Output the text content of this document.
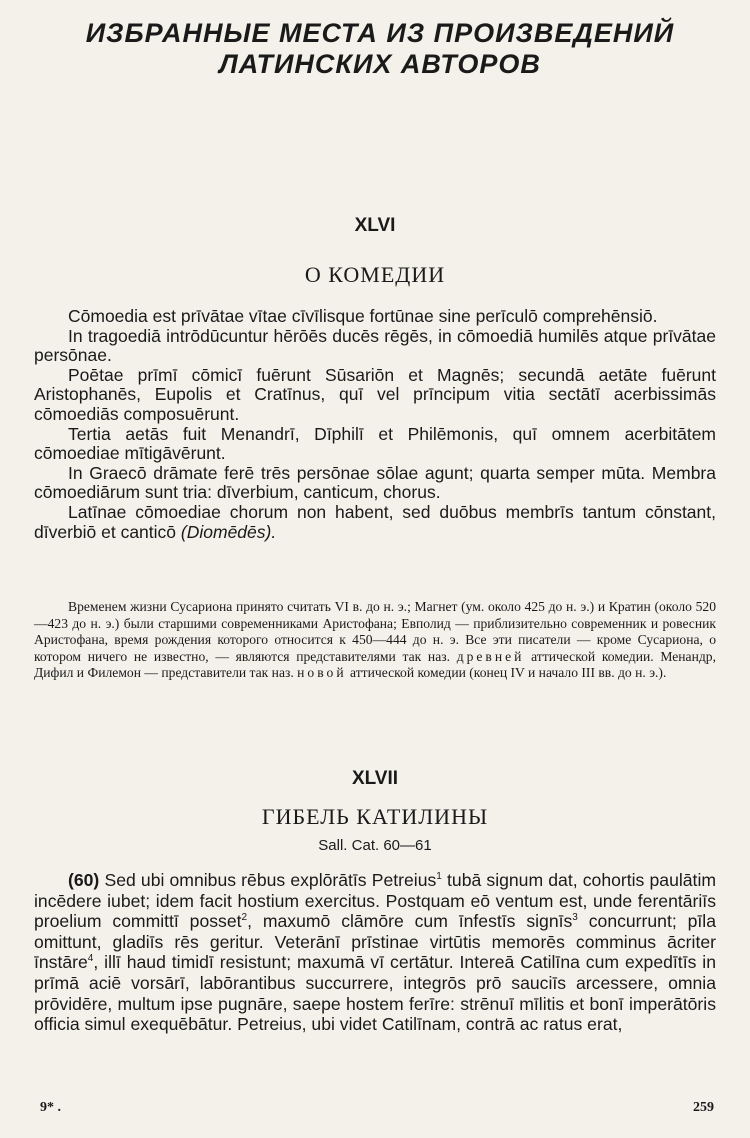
ИЗБРАННЫЕ МЕСТА ИЗ ПРОИЗВЕДЕНИЙ
ЛАТИНСКИХ АВТОРОВ
XLVI
О КОМЕДИИ

Cōmoedia est prīvātae vītae cīvīlisque fortūnae sine perīculō comprehēnsiō.

In tragoediā intrōdūcuntur hērōēs ducēs rēgēs, in cōmoediā humilēs atque prīvātae persōnae.

Poētae prīmī cōmicī fuērunt Sūsariōn et Magnēs; secundā aetāte fuērunt Aristophanēs, Eupolis et Cratīnus, quī vel prīncipum vitia sectātī acerbissimās cōmoediās composuērunt.

Tertia aetās fuit Menandrī, Dīphilī et Philēmonis, quī omnem acerbitātem cōmoediae mītigāvērunt.

In Graecō drāmate ferē trēs persōnae sōlae agunt; quarta semper mūta. Membra cōmoediārum sunt tria: dīverbium, canticum, chorus.

Latīnae cōmoediae chorum non habent, sed duōbus membrīs tantum cōnstant, dīverbiō et canticō (Diomēdēs).

Временем жизни Сусариона принято считать VI в. до н. э.; Магнет (ум. около 425 до н. э.) и Кратин (около 520—423 до н. э.) были старшими современниками Аристофана; Евполид — приблизительно современник и ровесник Аристофана, время рождения которого относится к 450—444 до н. э. Все эти писатели — кроме Сусариона, о котором ничего не известно, — являются представителями так наз. древней аттической комедии. Менандр, Дифил и Филемон — представители так наз. новой аттической комедии (конец IV и начало III вв. до н. э.).
XLVII
ГИБЕЛЬ КАТИЛИНЫ
Sall. Cat. 60—61
(60) Sed ubi omnibus rēbus explōrātīs Petreius$^1$ tubā signum dat, cohortis paulātim incēdere iubet; idem facit hostium exercitus. Postquam eō ventum est, unde ferentāriīs proelium committī posset$^2$, maxumō clāmōre cum īnfestīs signīs$^3$ concurrunt; pīla omittunt, gladiīs rēs geritur. Veterānī prīstinae virtūtis memorēs comminus ācriter īnstāre$^4$, illī haud timidī resistunt; maxumā vī certātur. Intereā Catilīna cum expedītīs in prīmā aciē vorsārī, labōrantibus succurrere, integrōs prō sauciīs arcessere, omnia prōvidēre, multum ipse pugnāre, saepe hostem ferīre: strēnuī mīlitis et bonī imperātōris officia simul exequēbātur. Petreius, ubi videt Catilīnam, contrā ac ratus erat,
9* .	259
